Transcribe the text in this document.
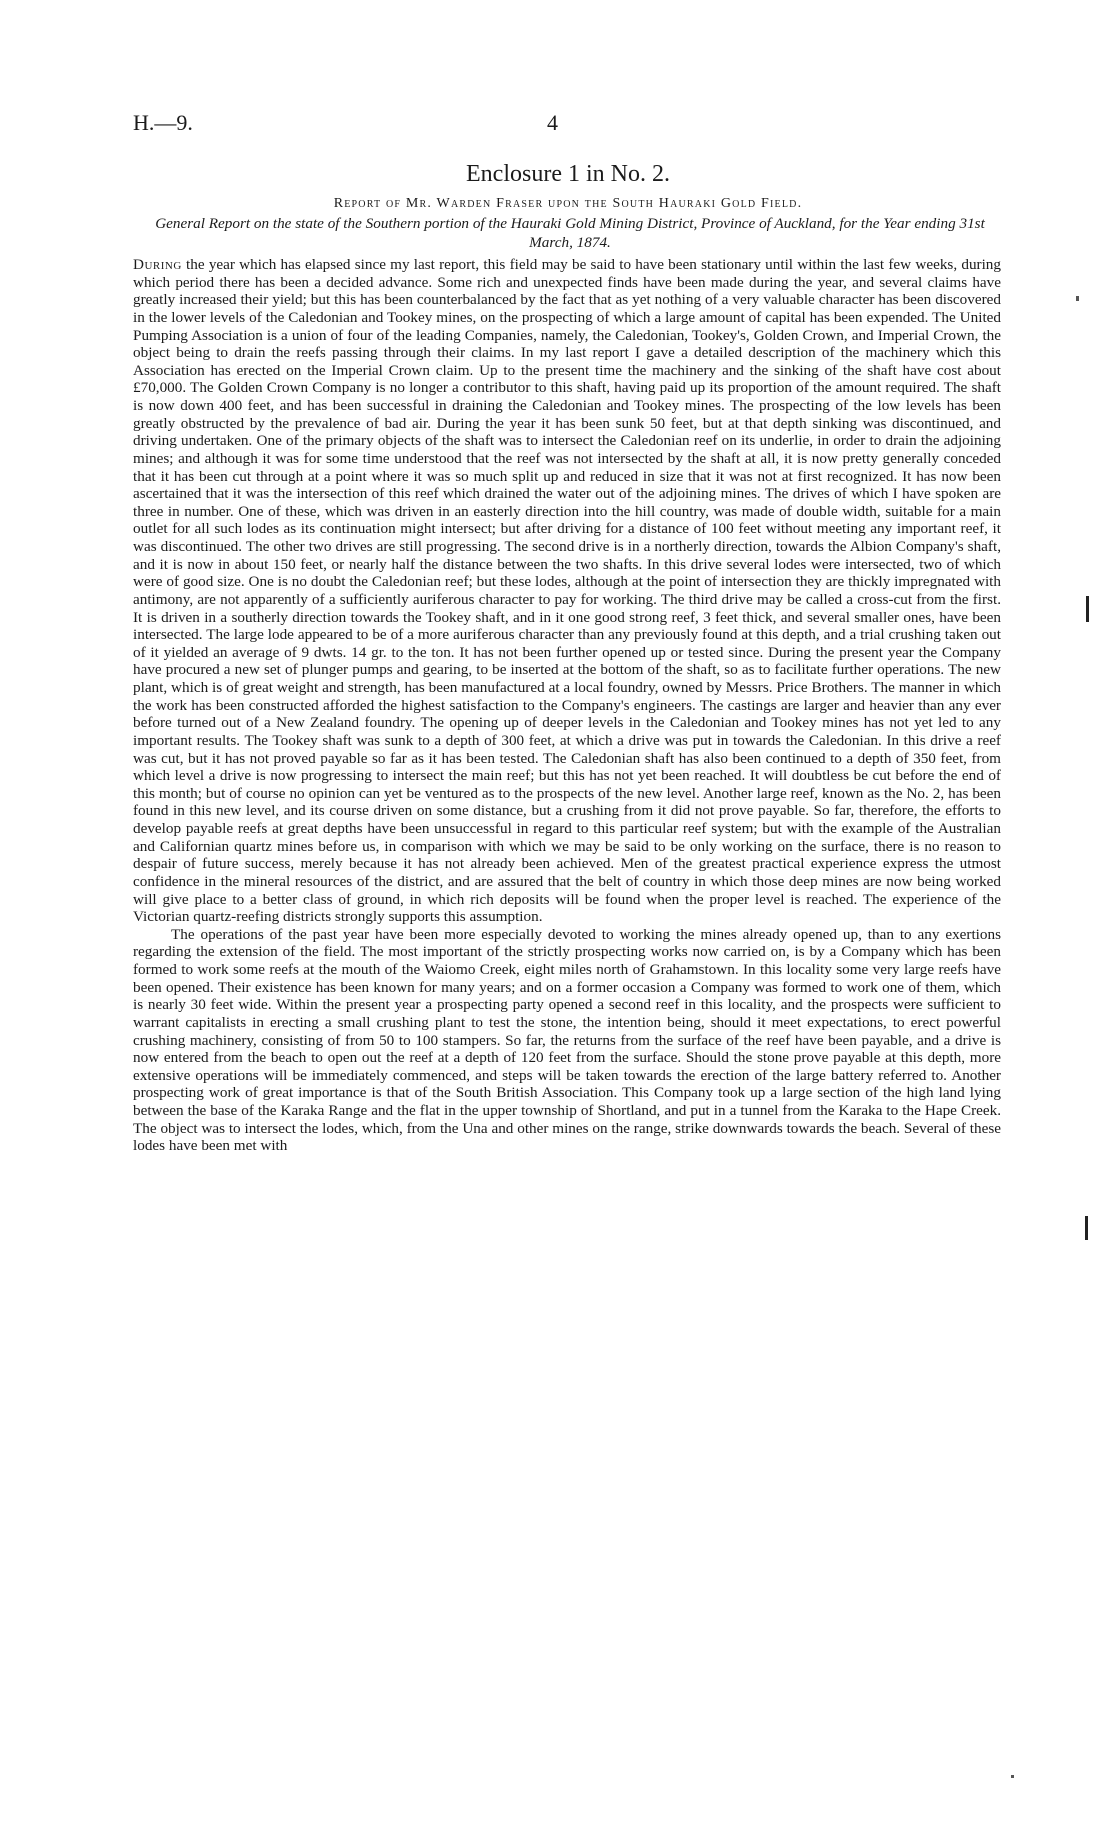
H.—9.	4
Enclosure 1 in No. 2.
Report of Mr. Warden Fraser upon the South Hauraki Gold Field.
General Report on the state of the Southern portion of the Hauraki Gold Mining District, Province of Auckland, for the Year ending 31st March, 1874.

During the year which has elapsed since my last report, this field may be said to have been stationary until within the last few weeks, during which period there has been a decided advance. Some rich and unexpected finds have been made during the year, and several claims have greatly increased their yield; but this has been counterbalanced by the fact that as yet nothing of a very valuable character has been discovered in the lower levels of the Caledonian and Tookey mines, on the prospecting of which a large amount of capital has been expended. The United Pumping Association is a union of four of the leading Companies, namely, the Caledonian, Tookey's, Golden Crown, and Imperial Crown, the object being to drain the reefs passing through their claims. In my last report I gave a detailed description of the machinery which this Association has erected on the Imperial Crown claim. Up to the present time the machinery and the sinking of the shaft have cost about £70,000. The Golden Crown Company is no longer a contributor to this shaft, having paid up its proportion of the amount required. The shaft is now down 400 feet, and has been successful in draining the Caledonian and Tookey mines. The prospecting of the low levels has been greatly obstructed by the prevalence of bad air. During the year it has been sunk 50 feet, but at that depth sinking was discontinued, and driving undertaken. One of the primary objects of the shaft was to intersect the Caledonian reef on its underlie, in order to drain the adjoining mines; and although it was for some time understood that the reef was not intersected by the shaft at all, it is now pretty generally conceded that it has been cut through at a point where it was so much split up and reduced in size that it was not at first recognized. It has now been ascertained that it was the intersection of this reef which drained the water out of the adjoining mines. The drives of which I have spoken are three in number. One of these, which was driven in an easterly direction into the hill country, was made of double width, suitable for a main outlet for all such lodes as its continuation might intersect; but after driving for a distance of 100 feet without meeting any important reef, it was discontinued. The other two drives are still progressing. The second drive is in a northerly direction, towards the Albion Company's shaft, and it is now in about 150 feet, or nearly half the distance between the two shafts. In this drive several lodes were intersected, two of which were of good size. One is no doubt the Caledonian reef; but these lodes, although at the point of intersection they are thickly impregnated with antimony, are not apparently of a sufficiently auriferous character to pay for working. The third drive may be called a cross-cut from the first. It is driven in a southerly direction towards the Tookey shaft, and in it one good strong reef, 3 feet thick, and several smaller ones, have been intersected. The large lode appeared to be of a more auriferous character than any previously found at this depth, and a trial crushing taken out of it yielded an average of 9 dwts. 14 gr. to the ton. It has not been further opened up or tested since. During the present year the Company have procured a new set of plunger pumps and gearing, to be inserted at the bottom of the shaft, so as to facilitate further operations. The new plant, which is of great weight and strength, has been manufactured at a local foundry, owned by Messrs. Price Brothers. The manner in which the work has been constructed afforded the highest satisfaction to the Company's engineers. The castings are larger and heavier than any ever before turned out of a New Zealand foundry. The opening up of deeper levels in the Caledonian and Tookey mines has not yet led to any important results. The Tookey shaft was sunk to a depth of 300 feet, at which a drive was put in towards the Caledonian. In this drive a reef was cut, but it has not proved payable so far as it has been tested. The Caledonian shaft has also been continued to a depth of 350 feet, from which level a drive is now progressing to intersect the main reef; but this has not yet been reached. It will doubtless be cut before the end of this month; but of course no opinion can yet be ventured as to the prospects of the new level. Another large reef, known as the No. 2, has been found in this new level, and its course driven on some distance, but a crushing from it did not prove payable. So far, therefore, the efforts to develop payable reefs at great depths have been unsuccessful in regard to this particular reef system; but with the example of the Australian and Californian quartz mines before us, in comparison with which we may be said to be only working on the surface, there is no reason to despair of future success, merely because it has not already been achieved. Men of the greatest practical experience express the utmost confidence in the mineral resources of the district, and are assured that the belt of country in which those deep mines are now being worked will give place to a better class of ground, in which rich deposits will be found when the proper level is reached. The experience of the Victorian quartz-reefing districts strongly supports this assumption.

The operations of the past year have been more especially devoted to working the mines already opened up, than to any exertions regarding the extension of the field. The most important of the strictly prospecting works now carried on, is by a Company which has been formed to work some reefs at the mouth of the Waiomo Creek, eight miles north of Grahamstown. In this locality some very large reefs have been opened. Their existence has been known for many years; and on a former occasion a Company was formed to work one of them, which is nearly 30 feet wide. Within the present year a prospecting party opened a second reef in this locality, and the prospects were sufficient to warrant capitalists in erecting a small crushing plant to test the stone, the intention being, should it meet expectations, to erect powerful crushing machinery, consisting of from 50 to 100 stampers. So far, the returns from the surface of the reef have been payable, and a drive is now entered from the beach to open out the reef at a depth of 120 feet from the surface. Should the stone prove payable at this depth, more extensive operations will be immediately commenced, and steps will be taken towards the erection of the large battery referred to. Another prospecting work of great importance is that of the South British Association. This Company took up a large section of the high land lying between the base of the Karaka Range and the flat in the upper township of Shortland, and put in a tunnel from the Karaka to the Hape Creek. The object was to intersect the lodes, which, from the Una and other mines on the range, strike downwards towards the beach. Several of these lodes have been met with
